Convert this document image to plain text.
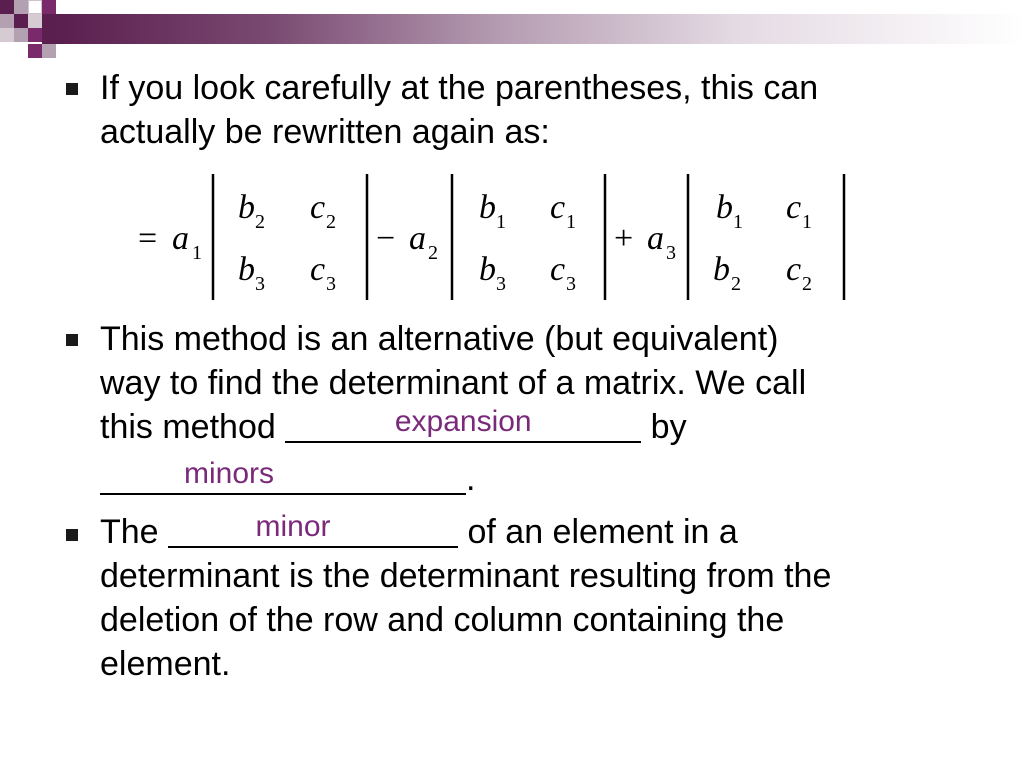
If you look carefully at the parentheses, this can
actually be rewritten again as:
= a 1
b 2 c 2
b 3 c 3
− a 2
b 1 c 1
b 3 c 3
+ a 3
b 1 c 1
b 2 c 2
This method is an alternative (but equivalent)
way to find the determinant of a matrix. We call
this method	expansion	by
minors	.
The	minor	of an element in a
determinant is the determinant resulting from the
deletion of the row and column containing the
element.
